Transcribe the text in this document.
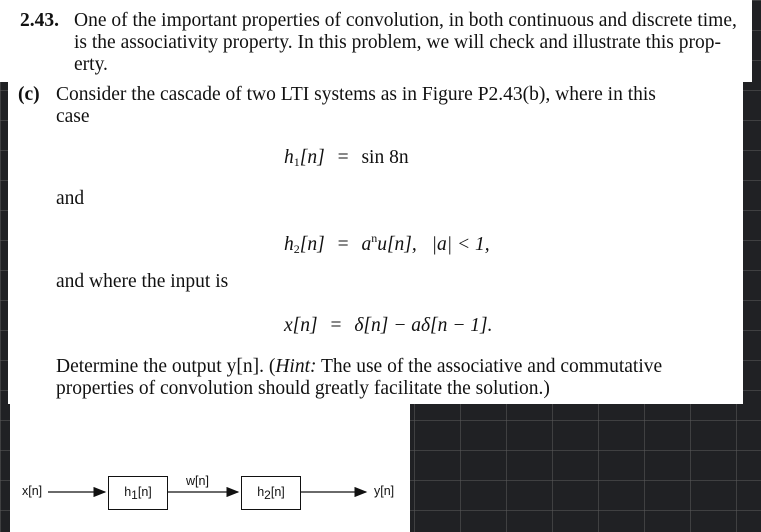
2.43. One of the important properties of convolution, in both continuous and discrete time,
is the associativity property. In this problem, we will check and illustrate this prop-
erty.
(c) Consider the cascade of two LTI systems as in Figure P2.43(b), where in this
case
$h_1[n] = \sin 8n$
and
$h_2[n] = a^nu[n]$, |a| < 1,
and where the input is
x[n] = δ[n] − aδ[n − 1].
Determine the output y[n]. (Hint: The use of the associative and commutative
properties of convolution should greatly facilitate the solution.)
x[n]	$h_1[n]$
w[n]
$h_2[n]$	y[n]
